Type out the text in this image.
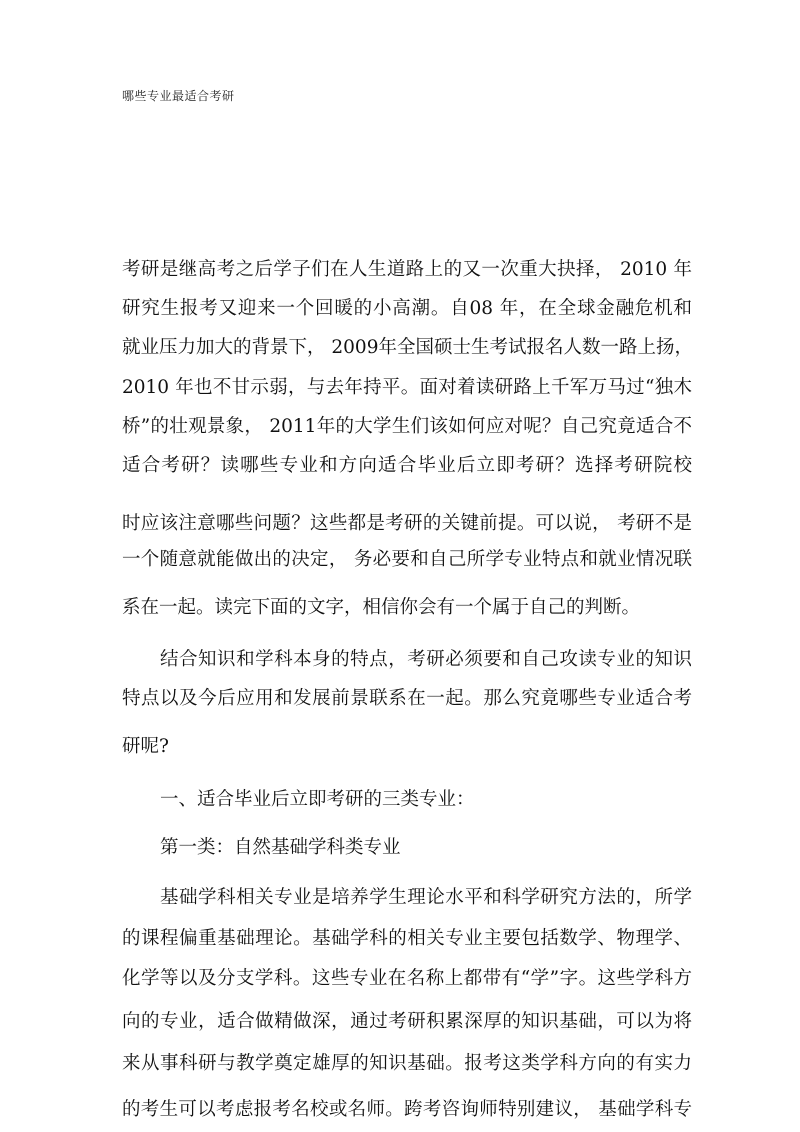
哪些专业最适合考研
考研是继高考之后学子们在人生道路上的又一次重大抉择， 2010 年
研究生报考又迎来一个回暖的小高潮。自08 年，在全球金融危机和
就业压力加大的背景下， 2009年全国硕士生考试报名人数一路上扬，
2010 年也不甘示弱，与去年持平。面对着读研路上千军万马过“独木
桥”的壮观景象， 2011年的大学生们该如何应对呢？自己究竟适合不
适合考研？读哪些专业和方向适合毕业后立即考研？选择考研院校
时应该注意哪些问题？这些都是考研的关键前提。可以说， 考研不是
一个随意就能做出的决定， 务必要和自己所学专业特点和就业情况联
系在一起。读完下面的文字，相信你会有一个属于自己的判断。
结合知识和学科本身的特点，考研必须要和自己攻读专业的知识
特点以及今后应用和发展前景联系在一起。那么究竟哪些专业适合考
研呢?
一、适合毕业后立即考研的三类专业：
第一类：自然基础学科类专业
基础学科相关专业是培养学生理论水平和科学研究方法的，所学
的课程偏重基础理论。基础学科的相关专业主要包括数学、物理学、
化学等以及分支学科。这些专业在名称上都带有“学”字。这些学科方
向的专业，适合做精做深，通过考研积累深厚的知识基础，可以为将
来从事科研与教学奠定雄厚的知识基础。报考这类学科方向的有实力
的考生可以考虑报考名校或名师。跨考咨询师特别建议， 基础学科专
